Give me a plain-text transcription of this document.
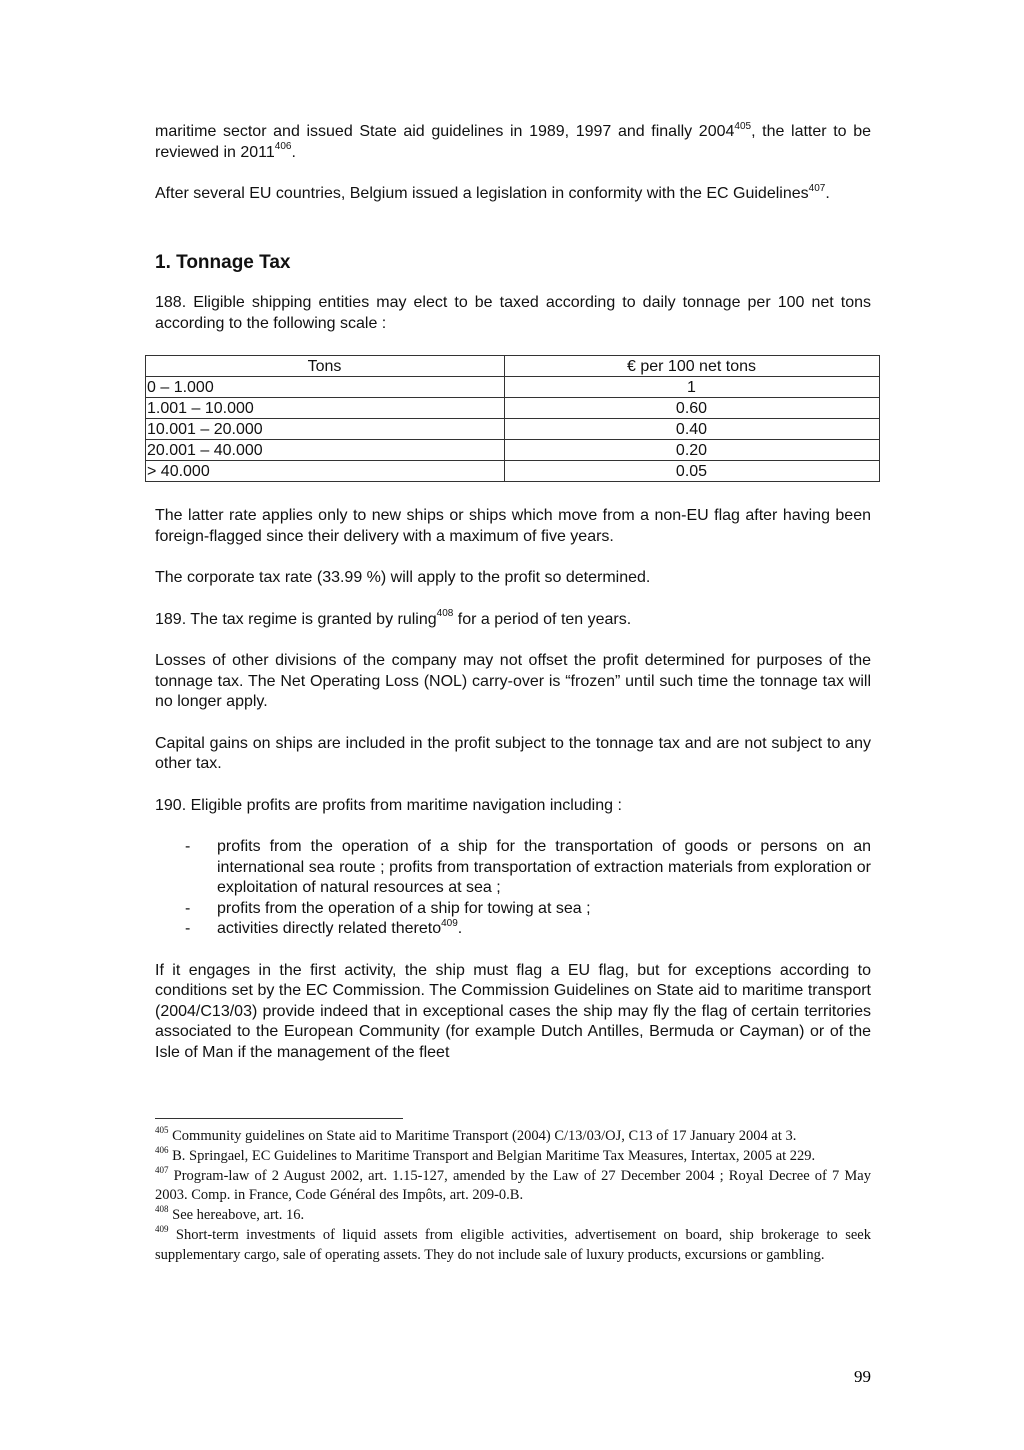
maritime sector and issued State aid guidelines in 1989, 1997 and finally 2004$^{405}$, the latter to be reviewed in 2011$^{406}$.

After several EU countries, Belgium issued a legislation in conformity with the EC Guidelines$^{407}$.

1. Tonnage Tax

188. Eligible shipping entities may elect to be taxed according to daily tonnage per 100 net tons according to the following scale :

Tons	€ per 100 net tons
0 – 1.000	1
1.001 – 10.000	0.60
10.001 – 20.000	0.40
20.001 – 40.000	0.20
> 40.000	0.05

The latter rate applies only to new ships or ships which move from a non-EU flag after having been foreign-flagged since their delivery with a maximum of five years.

The corporate tax rate (33.99 %) will apply to the profit so determined.

189. The tax regime is granted by ruling$^{408}$ for a period of ten years.

Losses of other divisions of the company may not offset the profit determined for purposes of the tonnage tax. The Net Operating Loss (NOL) carry-over is “frozen” until such time the tonnage tax will no longer apply.

Capital gains on ships are included in the profit subject to the tonnage tax and are not subject to any other tax.

190. Eligible profits are profits from maritime navigation including :

- profits from the operation of a ship for the transportation of goods or persons on an international sea route ; profits from transportation of extraction materials from exploration or exploitation of natural resources at sea ;
- profits from the operation of a ship for towing at sea ;
- activities directly related thereto$^{409}$.

If it engages in the first activity, the ship must flag a EU flag, but for exceptions according to conditions set by the EC Commission. The Commission Guidelines on State aid to maritime transport (2004/C13/03) provide indeed that in exceptional cases the ship may fly the flag of certain territories associated to the European Community (for example Dutch Antilles, Bermuda or Cayman) or of the Isle of Man if the management of the fleet

$^{405}$ Community guidelines on State aid to Maritime Transport (2004) C/13/03/OJ, C13 of 17 January 2004 at 3.
$^{406}$ B. Springael, EC Guidelines to Maritime Transport and Belgian Maritime Tax Measures, Intertax, 2005 at 229.
$^{407}$ Program-law of 2 August 2002, art. 1.15-127, amended by the Law of 27 December 2004 ; Royal Decree of 7 May 2003. Comp. in France, Code Général des Impôts, art. 209-0.B.
$^{408}$ See hereabove, art. 16.
$^{409}$ Short-term investments of liquid assets from eligible activities, advertisement on board, ship brokerage to seek supplementary cargo, sale of operating assets. They do not include sale of luxury products, excursions or gambling.
99
